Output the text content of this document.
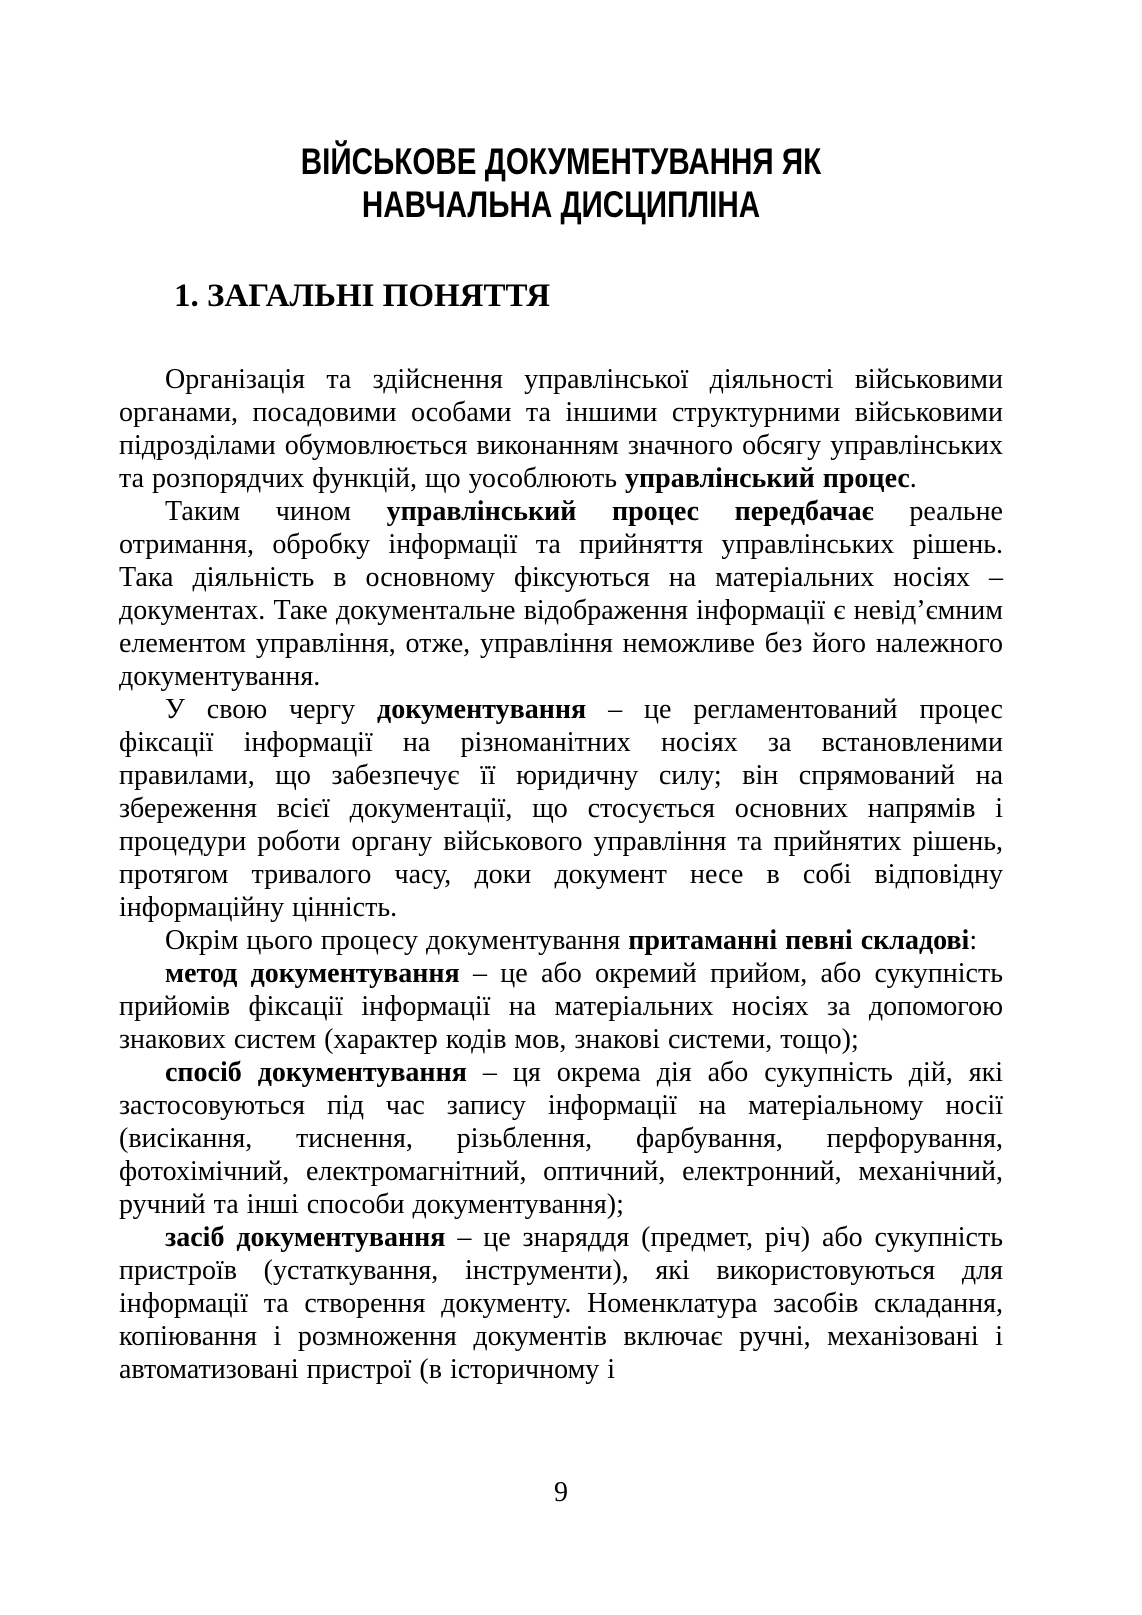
ВІЙСЬКОВЕ ДОКУМЕНТУВАННЯ ЯК НАВЧАЛЬНА ДИСЦИПЛІНА
1. ЗАГАЛЬНІ ПОНЯТТЯ

Організація та здійснення управлінської діяльності військовими органами, посадовими особами та іншими структурними військовими підрозділами обумовлюється виконанням значного обсягу управлінських та розпорядчих функцій, що уособлюють управлінський процес.

Таким чином управлінський процес передбачає реальне отримання, обробку інформації та прийняття управлінських рішень. Така діяльність в основному фіксуються на матеріальних носіях – документах. Таке документальне відображення інформації є невід’ємним елементом управління, отже, управління неможливе без його належного документування.

У свою чергу документування – це регламентований процес фіксації інформації на різноманітних носіях за встановленими правилами, що забезпечує її юридичну силу; він спрямований на збереження всієї документації, що стосується основних напрямів і процедури роботи органу військового управління та прийнятих рішень, протягом тривалого часу, доки документ несе в собі відповідну інформаційну цінність.

Окрім цього процесу документування притаманні певні складові:

метод документування – це або окремий прийом, або сукупність прийомів фіксації інформації на матеріальних носіях за допомогою знакових систем (характер кодів мов, знакові системи, тощо);

спосіб документування – ця окрема дія або сукупність дій, які застосовуються під час запису інформації на матеріальному носії (висікання, тиснення, різьблення, фарбування, перфорування, фотохімічний, електромагнітний, оптичний, електронний, механічний, ручний та інші способи документування);

засіб документування – це знаряддя (предмет, річ) або сукупність пристроїв (устаткування, інструменти), які використовуються для інформації та створення документу. Номенклатура засобів складання, копіювання і розмноження документів включає ручні, механізовані і автоматизовані пристрої (в історичному і

9
